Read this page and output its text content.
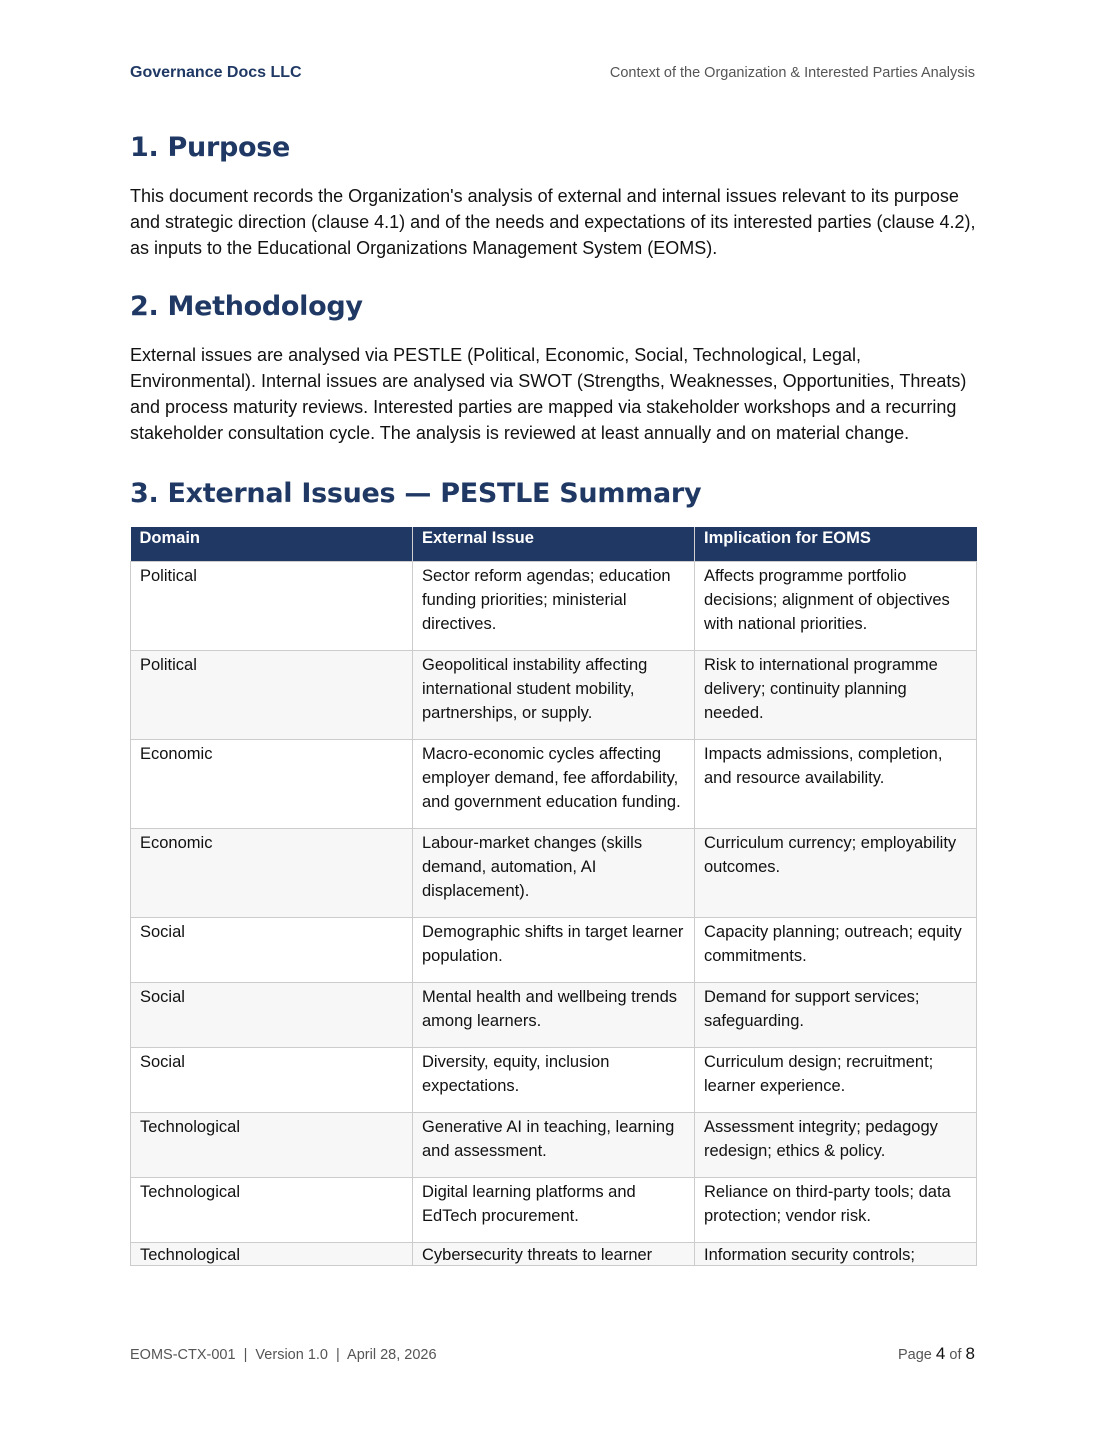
Governance Docs LLC	Context of the Organization & Interested Parties Analysis
1. Purpose

This document records the Organization's analysis of external and internal issues relevant to its purpose and strategic direction (clause 4.1) and of the needs and expectations of its interested parties (clause 4.2), as inputs to the Educational Organizations Management System (EOMS).

2. Methodology

External issues are analysed via PESTLE (Political, Economic, Social, Technological, Legal, Environmental). Internal issues are analysed via SWOT (Strengths, Weaknesses, Opportunities, Threats) and process maturity reviews. Interested parties are mapped via stakeholder workshops and a recurring stakeholder consultation cycle. The analysis is reviewed at least annually and on material change.

3. External Issues — PESTLE Summary
Domain	External Issue	Implication for EOMS
Political	Sector reform agendas; education funding priorities; ministerial directives.	Affects programme portfolio decisions; alignment of objectives with national priorities.
Political	Geopolitical instability affecting international student mobility, partnerships, or supply.	Risk to international programme delivery; continuity planning needed.
Economic	Macro-economic cycles affecting employer demand, fee affordability, and government education funding.	Impacts admissions, completion, and resource availability.
Economic	Labour-market changes (skills demand, automation, AI displacement).	Curriculum currency; employability outcomes.
Social	Demographic shifts in target learner population.	Capacity planning; outreach; equity commitments.
Social	Mental health and wellbeing trends among learners.	Demand for support services; safeguarding.
Social	Diversity, equity, inclusion expectations.	Curriculum design; recruitment; learner experience.
Technological	Generative AI in teaching, learning and assessment.	Assessment integrity; pedagogy redesign; ethics & policy.
Technological	Digital learning platforms and EdTech procurement.	Reliance on third-party tools; data protection; vendor risk.
Technological	Cybersecurity threats to learner	Information security controls;
EOMS-CTX-001  |  Version 1.0  |  April 28, 2026	Page 4 of 8
